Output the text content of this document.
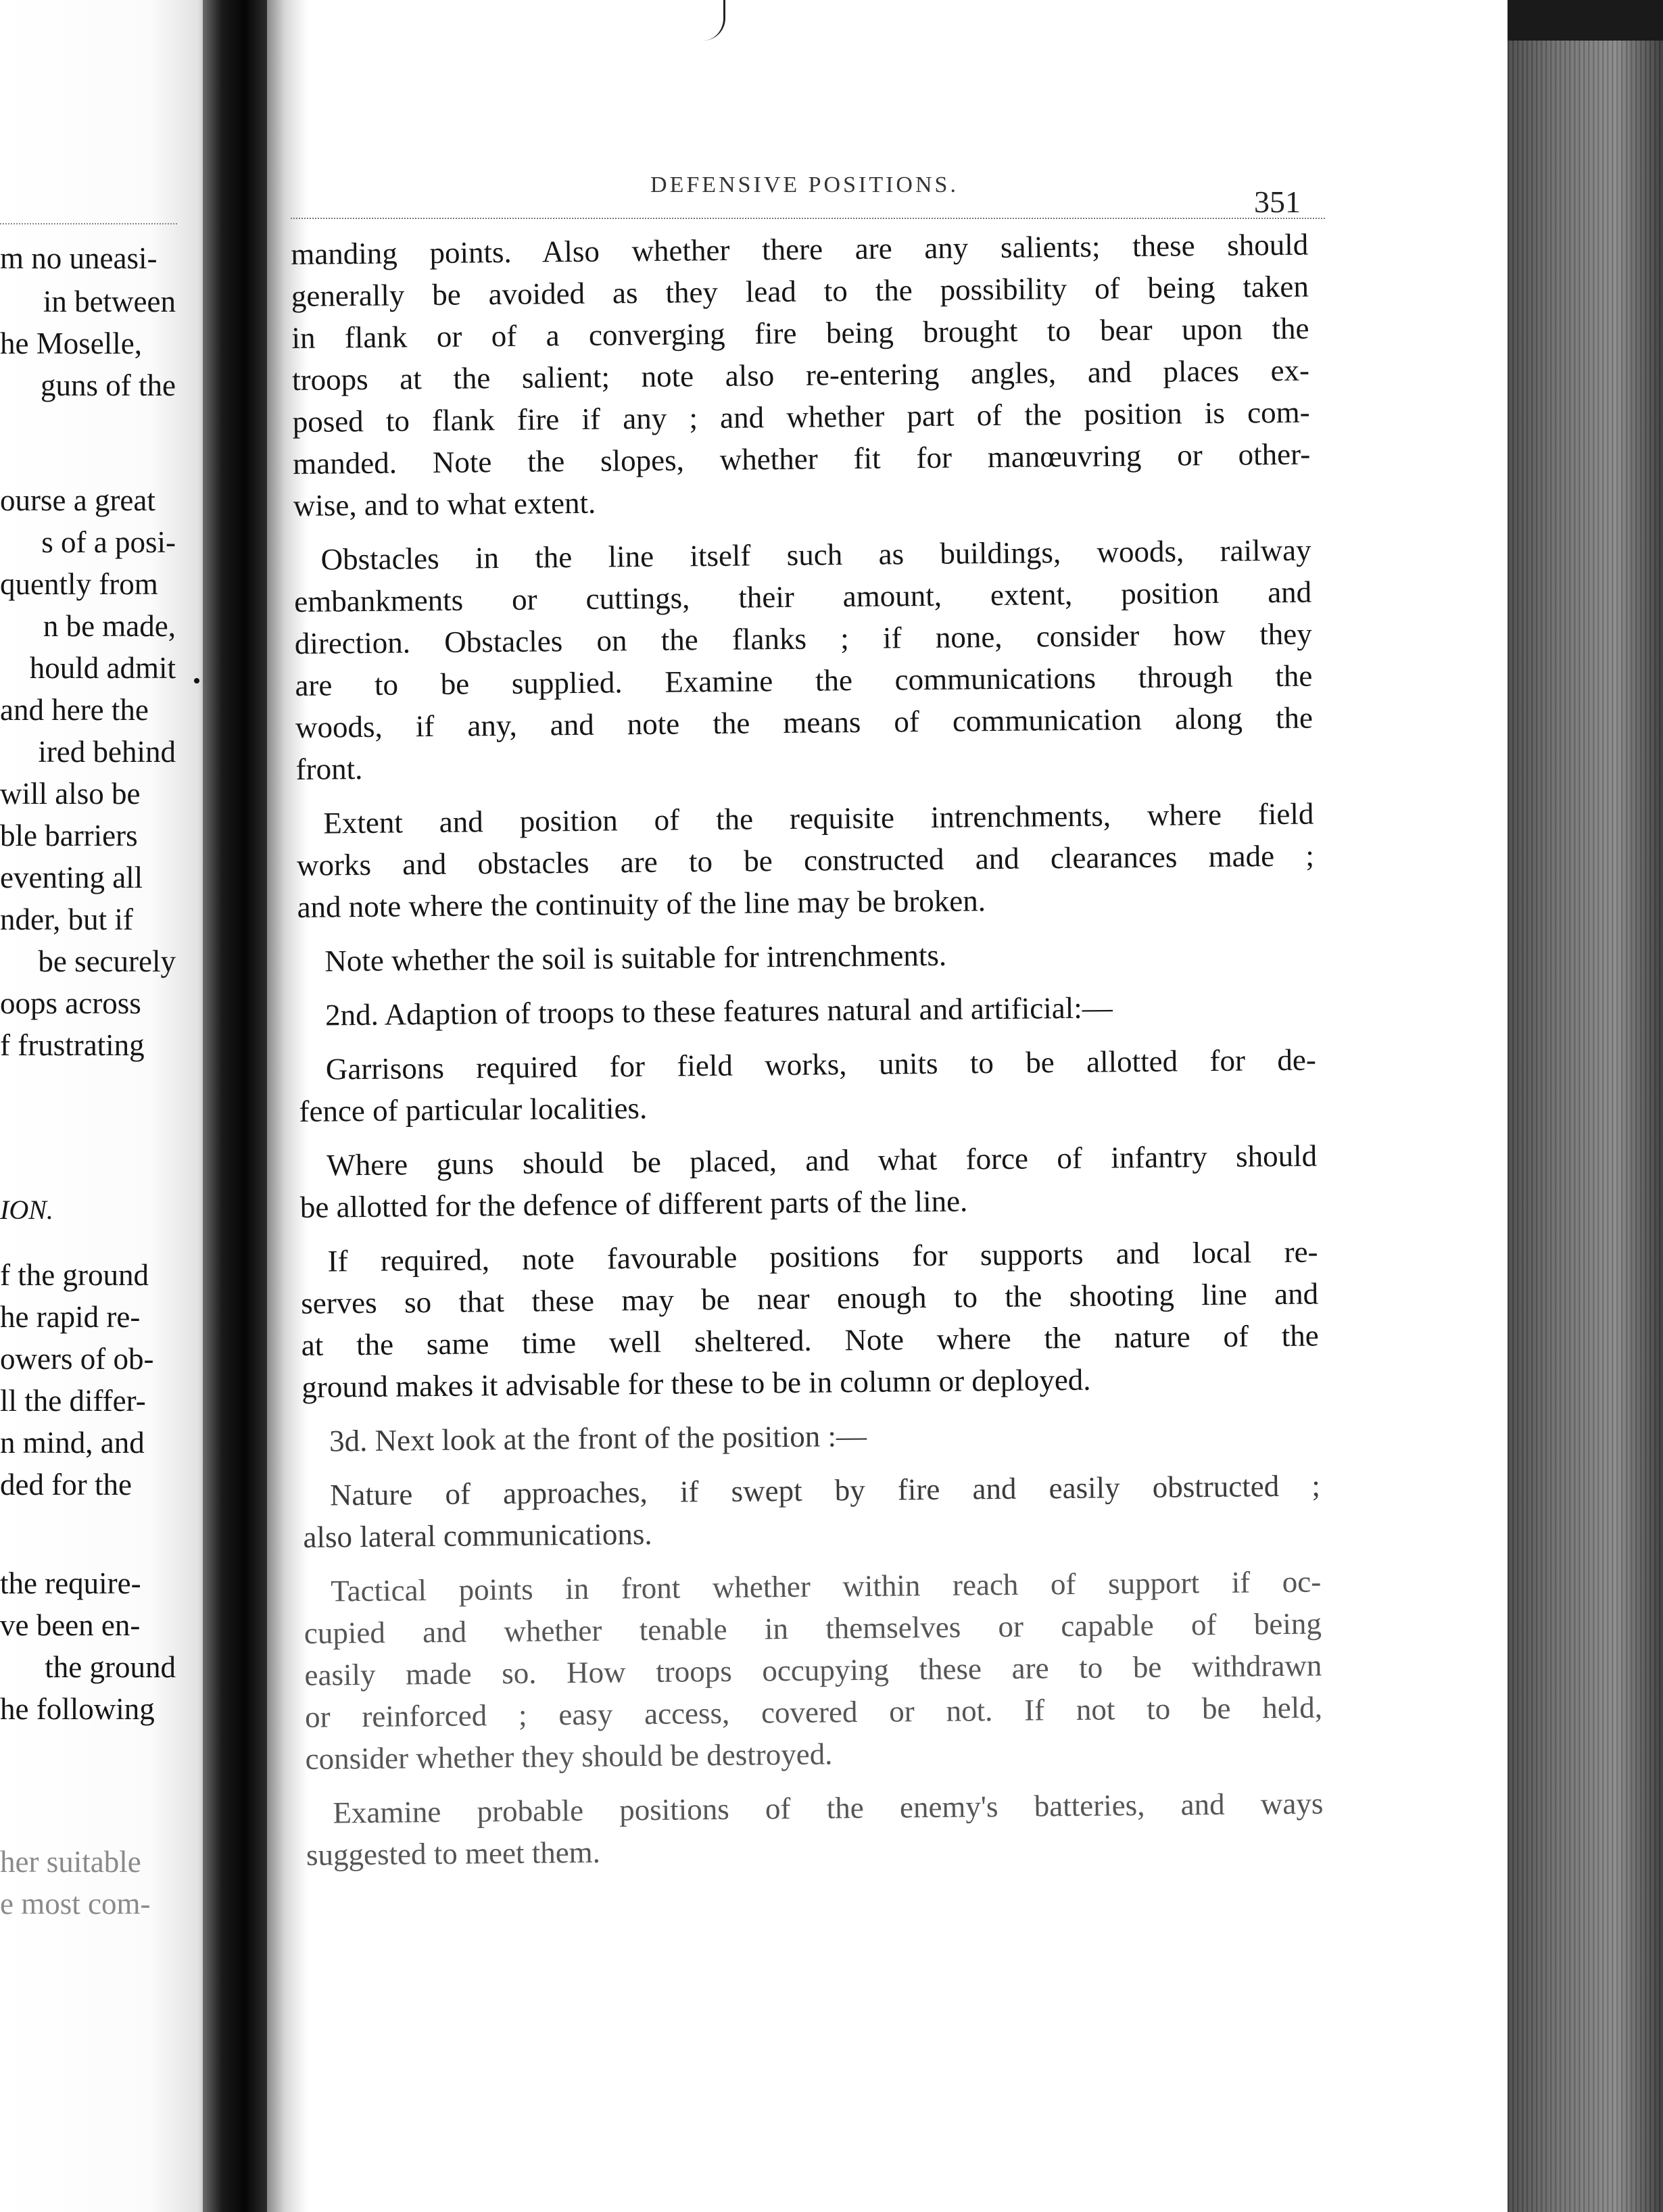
m no uneasi-
in between
he Moselle,
guns of the
ourse a great
s of a posi-
quently from
n be made,
hould admit
and here the
ired behind
will also be
ble barriers
eventing all
nder, but if
be securely
oops across
f frustrating
ION.
f the ground
he rapid re-
owers of ob-
ll the differ-
n mind, and
ded for the
the require-
ve been en-
the ground
he following
her suitable
e most com-
DEFENSIVE POSITIONS.	351
manding points. Also whether there are any salients; these should
generally be avoided as they lead to the possibility of being taken
in flank or of a converging fire being brought to bear upon the
troops at the salient; note also re-entering angles, and places ex-
posed to flank fire if any ; and whether part of the position is com-
manded. Note the slopes, whether fit for manœuvring or other-
wise, and to what extent.
Obstacles in the line itself such as buildings, woods, railway
embankments or cuttings, their amount, extent, position and
direction. Obstacles on the flanks ; if none, consider how they
are to be supplied. Examine the communications through the
woods, if any, and note the means of communication along the
front.
Extent and position of the requisite intrenchments, where field
works and obstacles are to be constructed and clearances made ;
and note where the continuity of the line may be broken.
Note whether the soil is suitable for intrenchments.
2nd. Adaption of troops to these features natural and artificial:—
Garrisons required for field works, units to be allotted for de-
fence of particular localities.
Where guns should be placed, and what force of infantry should
be allotted for the defence of different parts of the line.
If required, note favourable positions for supports and local re-
serves so that these may be near enough to the shooting line and
at the same time well sheltered. Note where the nature of the
ground makes it advisable for these to be in column or deployed.
3d. Next look at the front of the position :—
Nature of approaches, if swept by fire and easily obstructed ;
also lateral communications.
Tactical points in front whether within reach of support if oc-
cupied and whether tenable in themselves or capable of being
easily made so. How troops occupying these are to be withdrawn
or reinforced ; easy access, covered or not. If not to be held,
consider whether they should be destroyed.
Examine probable positions of the enemy's batteries, and ways
suggested to meet them.
